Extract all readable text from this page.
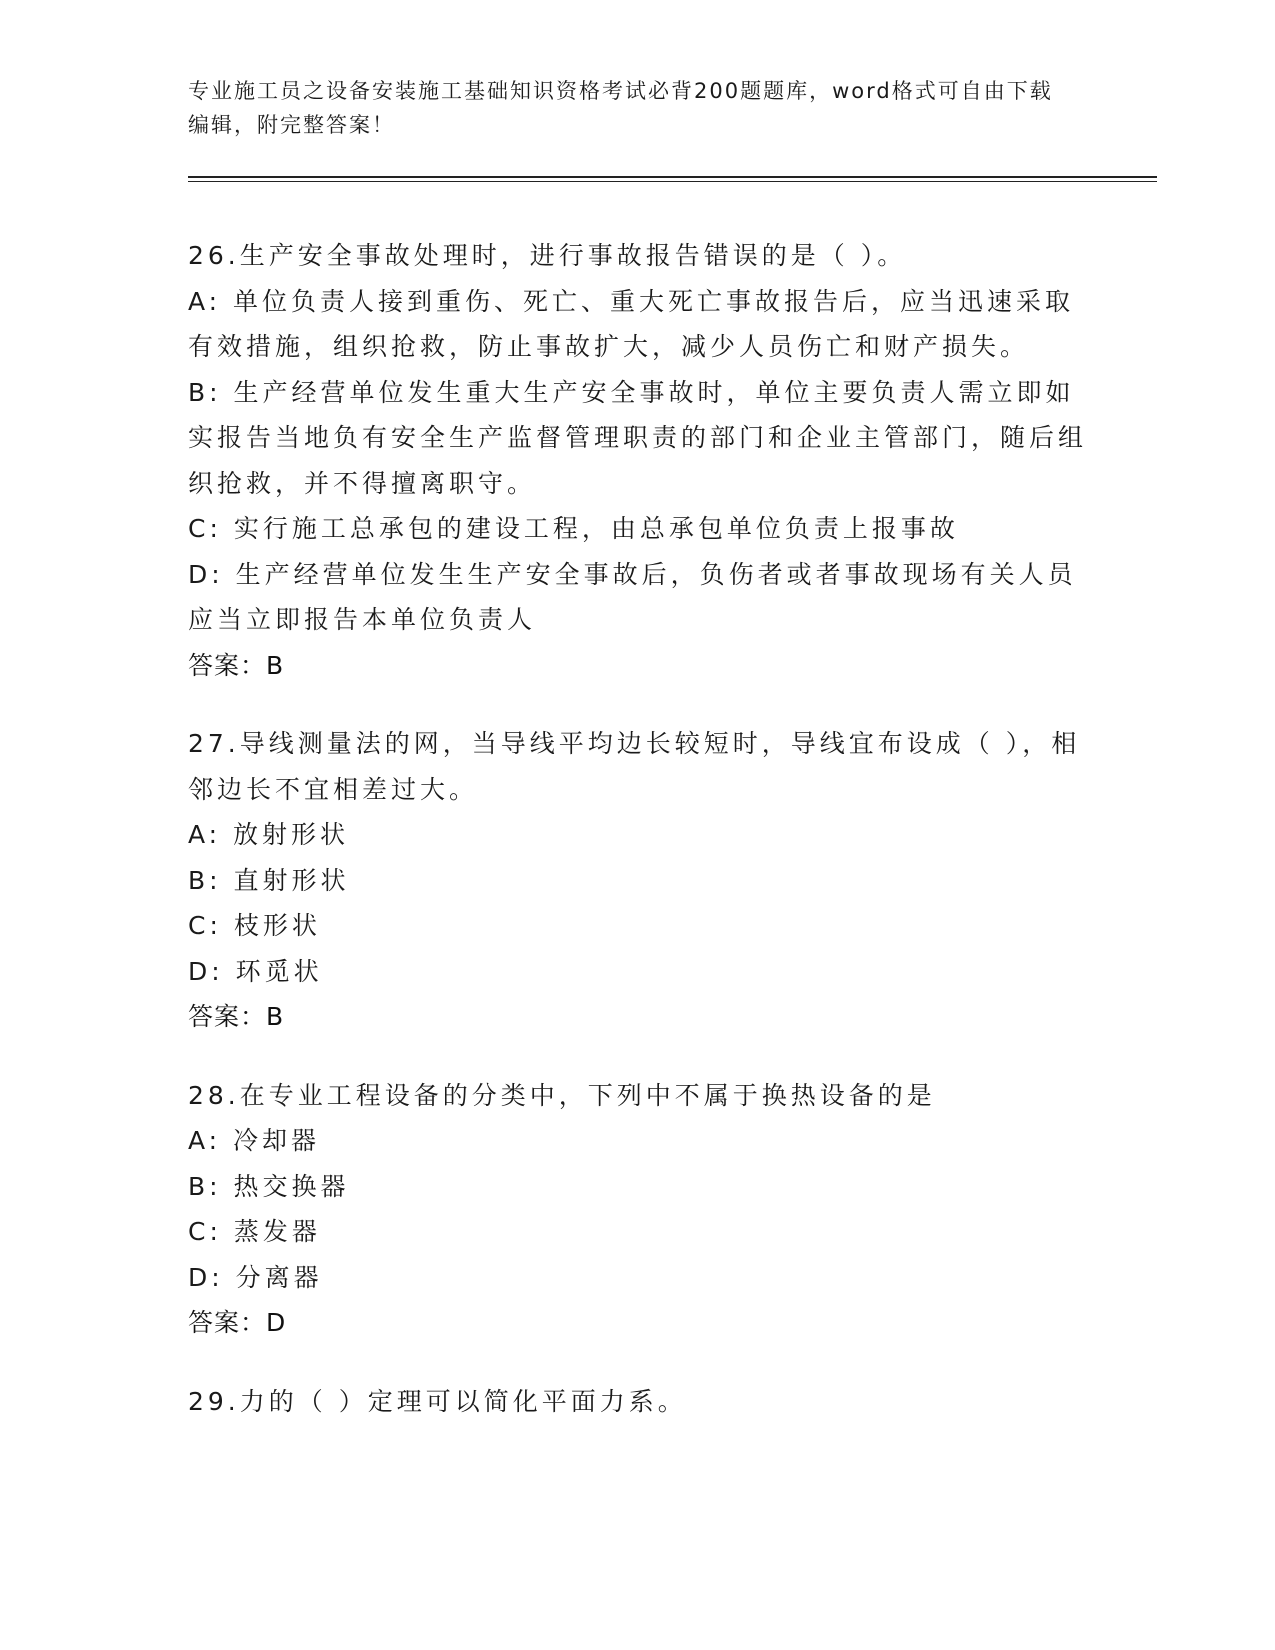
专业施工员之设备安装施工基础知识资格考试必背200题题库，word格式可自由下载编辑，附完整答案！
26.生产安全事故处理时，进行事故报告错误的是（ ）。
A: 单位负责人接到重伤、死亡、重大死亡事故报告后，应当迅速采取有效措施，组织抢救，防止事故扩大，减少人员伤亡和财产损失。
B: 生产经营单位发生重大生产安全事故时，单位主要负责人需立即如实报告当地负有安全生产监督管理职责的部门和企业主管部门，随后组织抢救，并不得擅离职守。
C: 实行施工总承包的建设工程，由总承包单位负责上报事故
D: 生产经营单位发生生产安全事故后，负伤者或者事故现场有关人员应当立即报告本单位负责人
答案：B
27.导线测量法的网，当导线平均边长较短时，导线宜布设成（ ），相邻边长不宜相差过大。
A: 放射形状
B: 直射形状
C: 枝形状
D: 环觅状
答案：B
28.在专业工程设备的分类中，下列中不属于换热设备的是
A: 冷却器
B: 热交换器
C: 蒸发器
D: 分离器
答案：D
29.力的（ ）定理可以简化平面力系。
